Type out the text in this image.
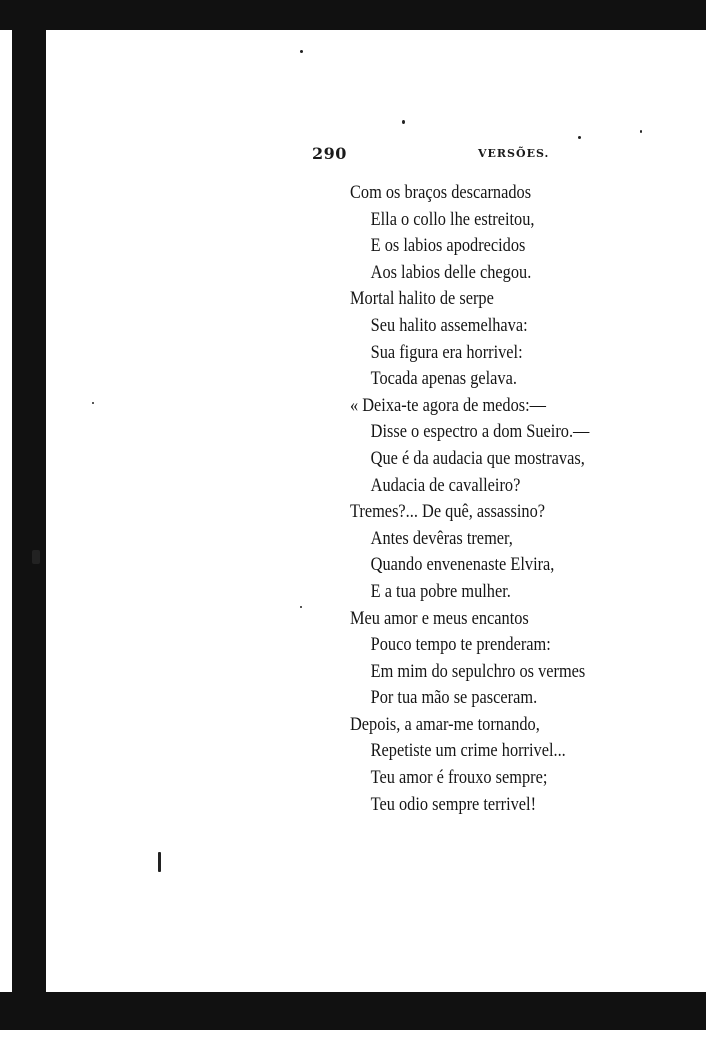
290	VERSÕES.
Com os braços descarnados
Ella o collo lhe estreitou,
E os labios apodrecidos
Aos labios delle chegou.
Mortal halito de serpe
Seu halito assemelhava:
Sua figura era horrivel:
Tocada apenas gelava.
« Deixa-te agora de medos:—
Disse o espectro a dom Sueiro.—
Que é da audacia que mostravas,
Audacia de cavalleiro?
Tremes?... De quê, assassino?
Antes devêras tremer,
Quando envenenaste Elvira,
E a tua pobre mulher.
Meu amor e meus encantos
Pouco tempo te prenderam:
Em mim do sepulchro os vermes
Por tua mão se pasceram.
Depois, a amar-me tornando,
Repetiste um crime horrivel...
Teu amor é frouxo sempre;
Teu odio sempre terrivel!
